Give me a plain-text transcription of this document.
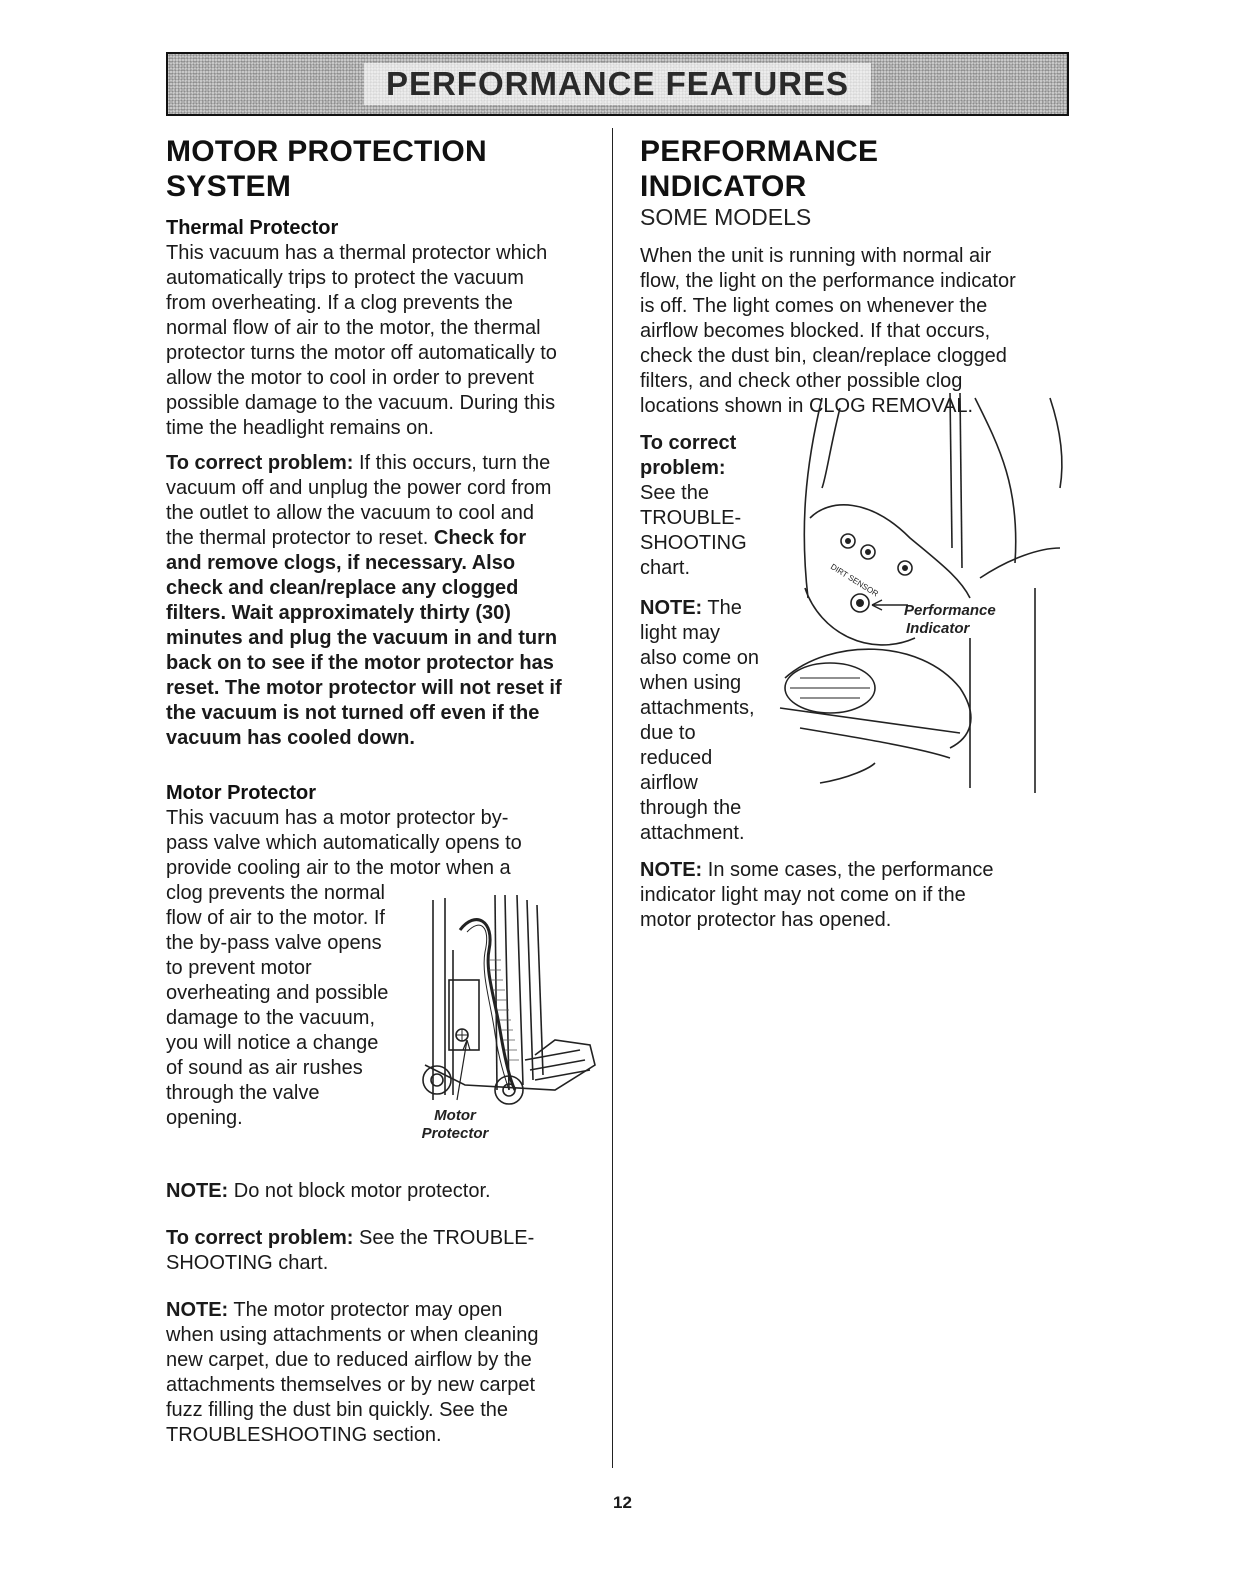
PERFORMANCE FEATURES
MOTOR PROTECTION
SYSTEM
Thermal Protector

This vacuum has a thermal protector which
automatically trips to protect the vacuum
from overheating. If a clog prevents the
normal flow of air to the motor, the thermal
protector turns the motor off automatically to
allow the motor to cool in order to prevent
possible damage to the vacuum. During this
time the headlight remains on.

To correct problem: If this occurs, turn the
vacuum off and unplug the power cord from
the outlet to allow the vacuum to cool and
the thermal protector to reset. Check for
and remove clogs, if necessary. Also
check and clean/replace any clogged
filters. Wait approximately thirty (30)
minutes and plug the vacuum in and turn
back on to see if the motor protector has
reset. The motor protector will not reset if
the vacuum is not turned off even if the
vacuum has cooled down.

Motor Protector

This vacuum has a motor protector by-
pass valve which automatically opens to
provide cooling air to the motor when a
clog prevents the normal
flow of air to the motor. If
the by-pass valve opens
to prevent motor
overheating and possible
damage to the vacuum,
you will notice a change
of sound as air rushes
through the valve
opening.

NOTE: Do not block motor protector.

To correct problem: See the TROUBLE-
SHOOTING chart.

NOTE: The motor protector may open
when using attachments or when cleaning
new carpet, due to reduced airflow by the
attachments themselves or by new carpet
fuzz filling the dust bin quickly. See the
TROUBLESHOOTING section.

Motor
Protector
PERFORMANCE INDICATOR
SOME MODELS

When the unit is running with normal air
flow, the light on the performance indicator
is off. The light comes on whenever the
airflow becomes blocked. If that occurs,
check the dust bin, clean/replace clogged
filters, and check other possible clog
locations shown in CLOG REMOVAL.

To correct
problem:
See the
TROUBLE-
SHOOTING
chart.

NOTE: The
light may
also come on
when using
attachments,
due to
reduced
airflow
through the
attachment.

NOTE: In some cases, the performance
indicator light may not come on if the
motor protector has opened.

DIRT SENSOR
Performance
Indicator
12
